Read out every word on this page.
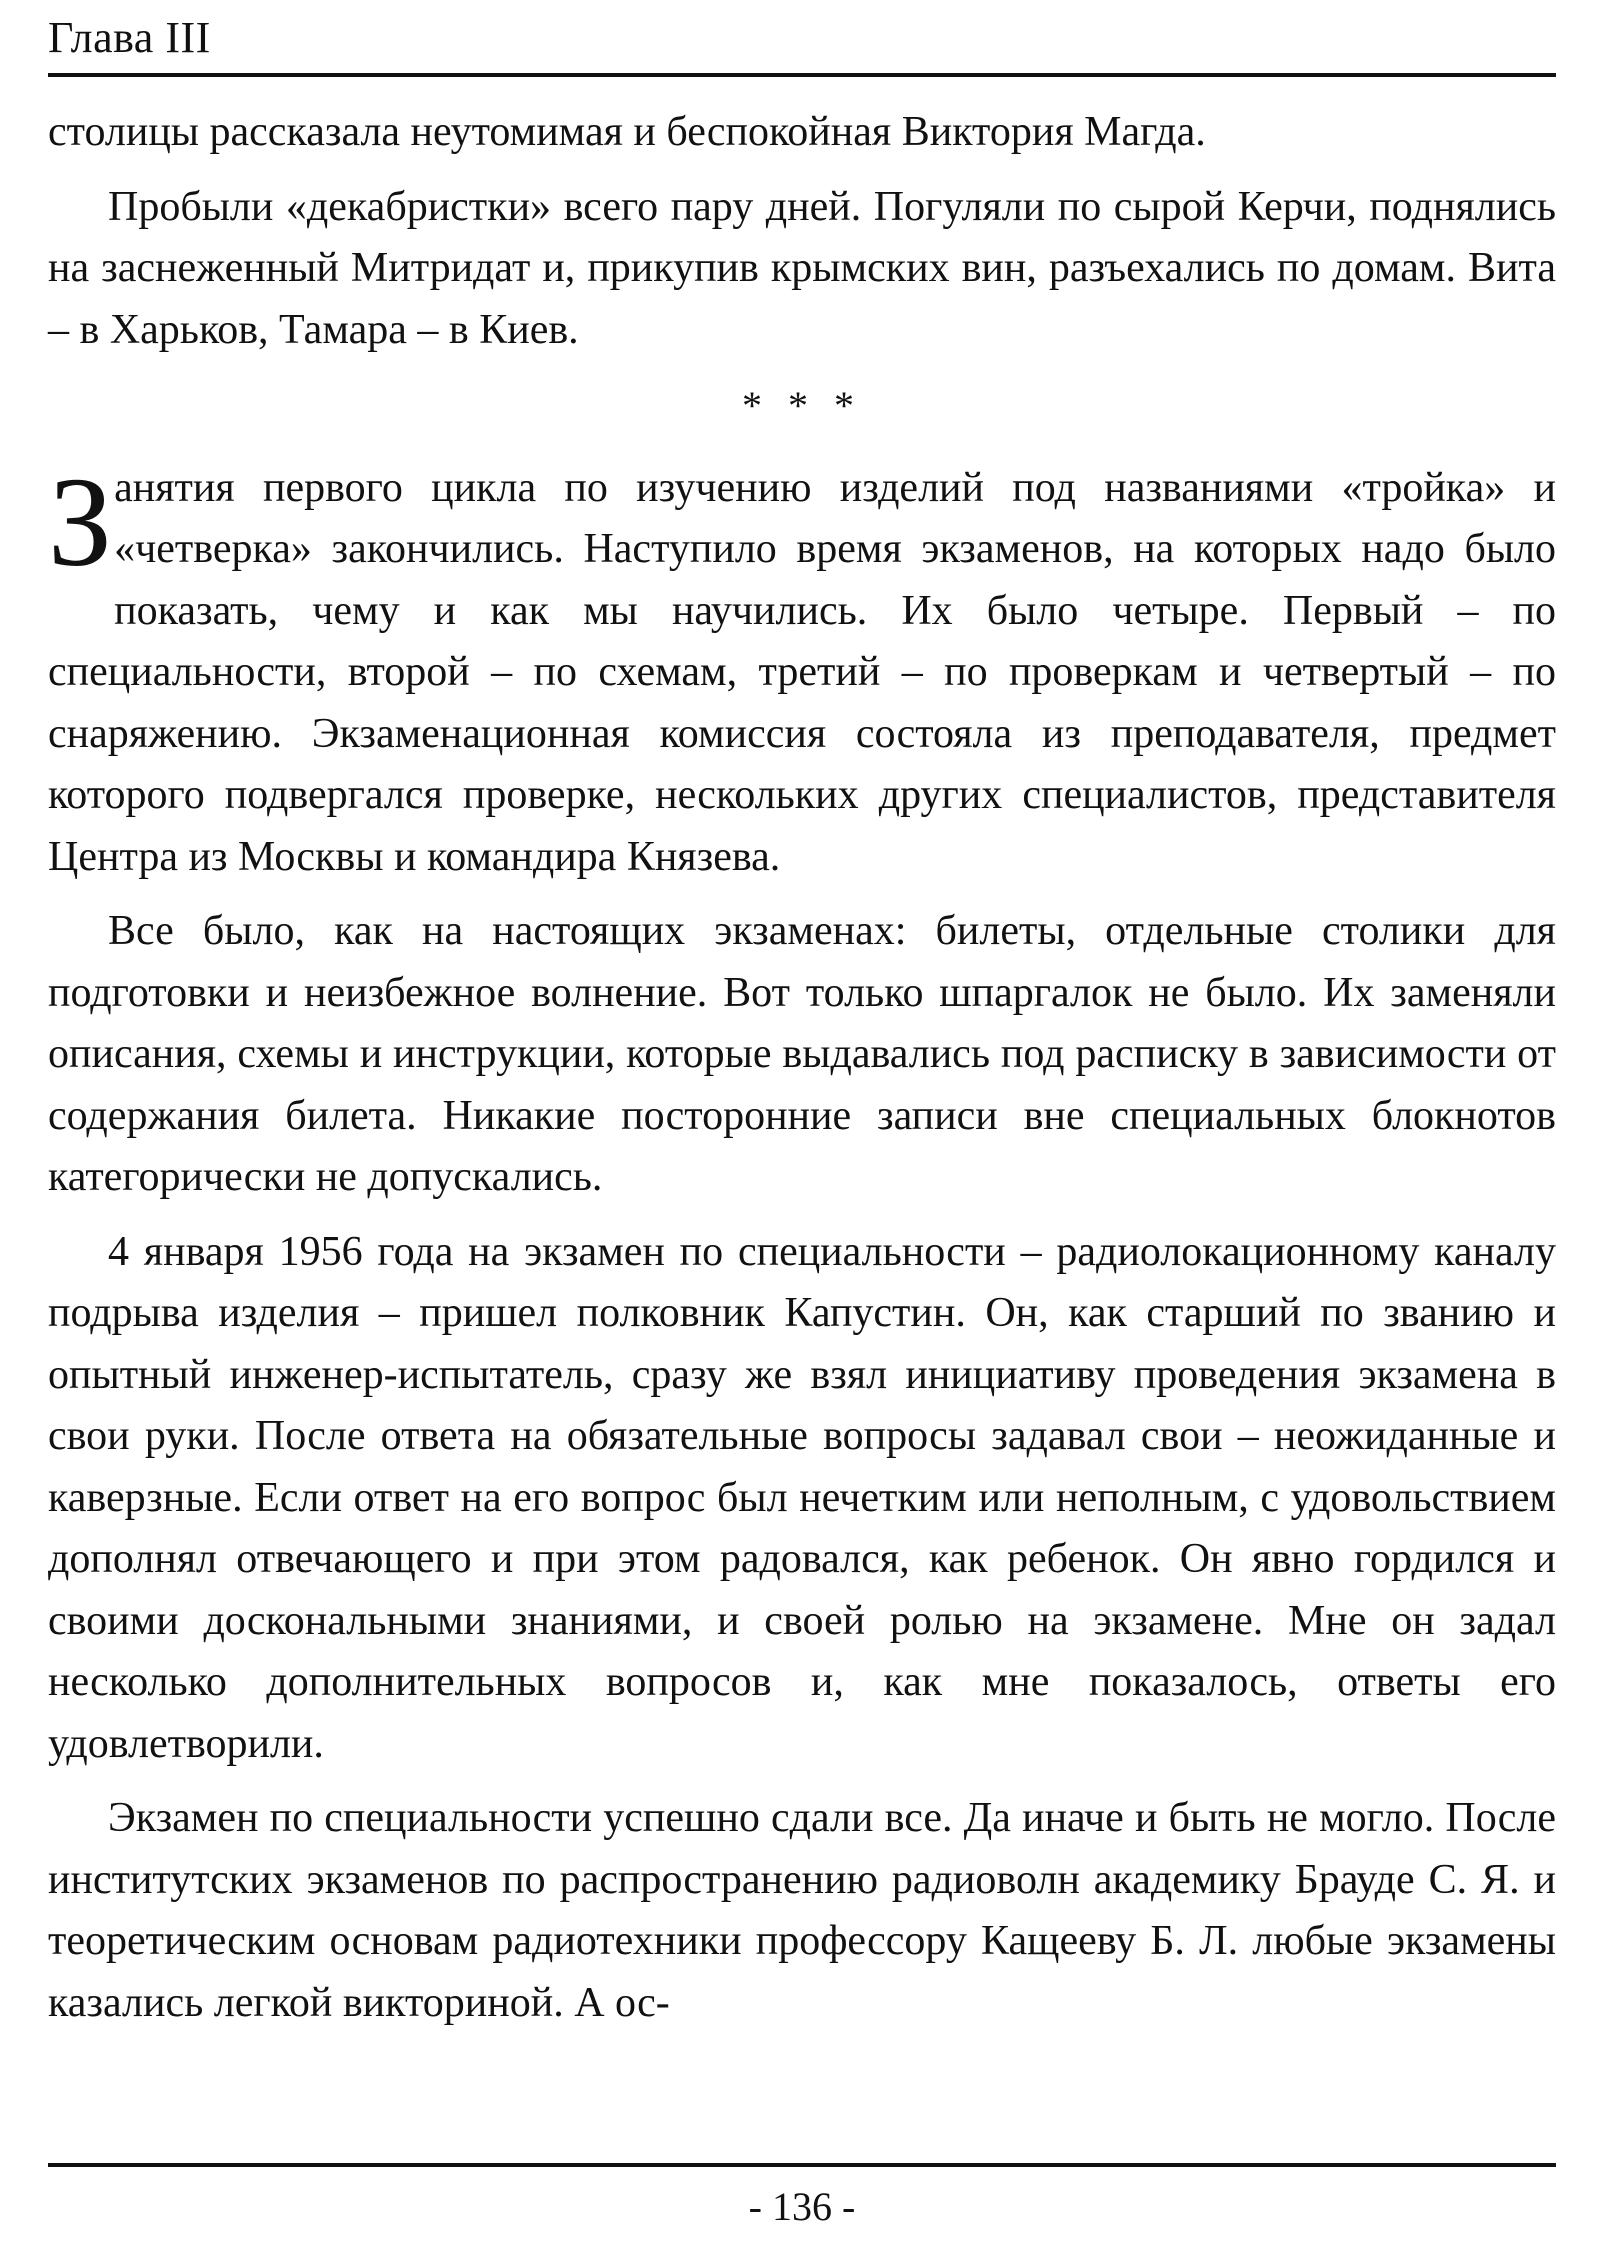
Глава III

столицы рассказала неутомимая и беспокойная Виктория Магда.

Пробыли «декабристки» всего пару дней. Погуляли по сырой Керчи, поднялись на заснеженный Митридат и, прикупив крымских вин, разъехались по домам. Вита – в Харьков, Тамара – в Киев.

* * *

Занятия первого цикла по изучению изделий под названиями «тройка» и «четверка» закончились. Наступило время экзаменов, на которых надо было показать, чему и как мы научились. Их было четыре. Первый – по специальности, второй – по схемам, третий – по проверкам и четвертый – по снаряжению. Экзаменационная комиссия состояла из преподавателя, предмет которого подвергался проверке, нескольких других специалистов, представителя Центра из Москвы и командира Князева.

Все было, как на настоящих экзаменах: билеты, отдельные столики для подготовки и неизбежное волнение. Вот только шпаргалок не было. Их заменяли описания, схемы и инструкции, которые выдавались под расписку в зависимости от содержания билета. Никакие посторонние записи вне специальных блокнотов категорически не допускались.

4 января 1956 года на экзамен по специальности – радиолокационному каналу подрыва изделия – пришел полковник Капустин. Он, как старший по званию и опытный инженер-испытатель, сразу же взял инициативу проведения экзамена в свои руки. После ответа на обязательные вопросы задавал свои – неожиданные и каверзные. Если ответ на его вопрос был нечетким или неполным, с удовольствием дополнял отвечающего и при этом радовался, как ребенок. Он явно гордился и своими доскональными знаниями, и своей ролью на экзамене. Мне он задал несколько дополнительных вопросов и, как мне показалось, ответы его удовлетворили.

Экзамен по специальности успешно сдали все. Да иначе и быть не могло. После институтских экзаменов по распространению радиоволн академику Брауде С. Я. и теоретическим основам радиотехники профессору Кащееву Б. Л. любые экзамены казались легкой викториной. А ос-

- 136 -
